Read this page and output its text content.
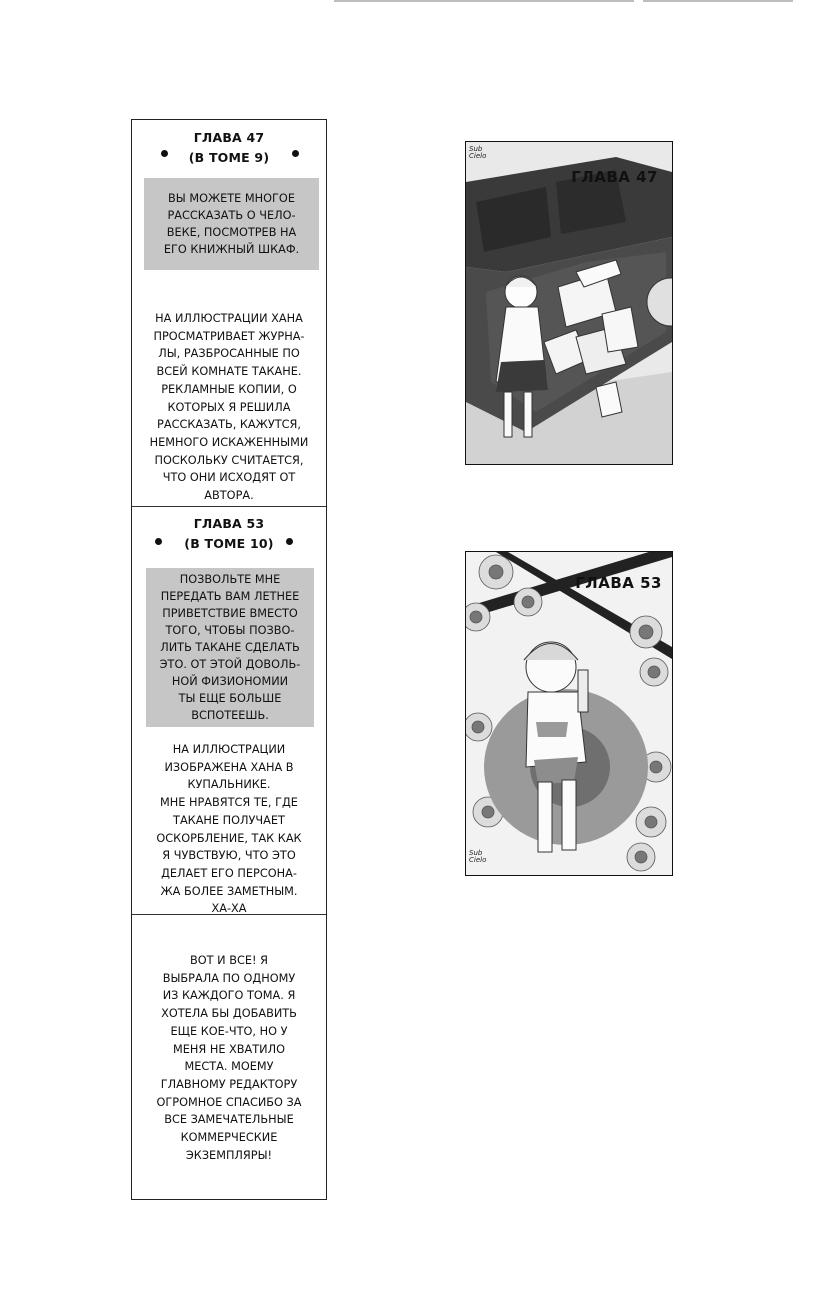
ГЛАВА 47
(В ТОМЕ 9)
ВЫ МОЖЕТЕ МНОГОЕ
РАССКАЗАТЬ О ЧЕЛО-
ВЕКЕ, ПОСМОТРЕВ НА
ЕГО КНИЖНЫЙ ШКАФ.
НА ИЛЛЮСТРАЦИИ ХАНА
ПРОСМАТРИВАЕТ ЖУРНА-
ЛЫ, РАЗБРОСАННЫЕ ПО
ВСЕЙ КОМНАТЕ ТАКАНЕ.
РЕКЛАМНЫЕ КОПИИ, О
КОТОРЫХ Я РЕШИЛА
РАССКАЗАТЬ, КАЖУТСЯ,
НЕМНОГО ИСКАЖЕННЫМИ
ПОСКОЛЬКУ СЧИТАЕТСЯ,
ЧТО ОНИ ИСХОДЯТ ОТ
АВТОРА.
ГЛАВА 53
(В ТОМЕ 10)
ПОЗВОЛЬТЕ МНЕ
ПЕРЕДАТЬ ВАМ ЛЕТНЕЕ
ПРИВЕТСТВИЕ ВМЕСТО
ТОГО, ЧТОБЫ ПОЗВО-
ЛИТЬ ТАКАНЕ СДЕЛАТЬ
ЭТО. ОТ ЭТОЙ ДОВОЛЬ-
НОЙ ФИЗИОНОМИИ
ТЫ ЕЩЕ БОЛЬШЕ
ВСПОТЕЕШЬ.
НА ИЛЛЮСТРАЦИИ
ИЗОБРАЖЕНА ХАНА В
КУПАЛЬНИКЕ.
МНЕ НРАВЯТСЯ ТЕ, ГДЕ
ТАКАНЕ ПОЛУЧАЕТ
ОСКОРБЛЕНИЕ, ТАК КАК
Я ЧУВСТВУЮ, ЧТО ЭТО
ДЕЛАЕТ ЕГО ПЕРСОНА-
ЖА БОЛЕЕ ЗАМЕТНЫМ.
ХА-ХА
ВОТ И ВСЕ! Я
ВЫБРАЛА ПО ОДНОМУ
ИЗ КАЖДОГО ТОМА. Я
ХОТЕЛА БЫ ДОБАВИТЬ
ЕЩЕ КОЕ-ЧТО, НО У
МЕНЯ НЕ ХВАТИЛО
МЕСТА. МОЕМУ
ГЛАВНОМУ РЕДАКТОРУ
ОГРОМНОЕ СПАСИБО ЗА
ВСЕ ЗАМЕЧАТЕЛЬНЫЕ
КОММЕРЧЕСКИЕ
ЭКЗЕМПЛЯРЫ!
ГЛАВА 47
Sub
Cielo
ГЛАВА 53
Sub
Cielo
